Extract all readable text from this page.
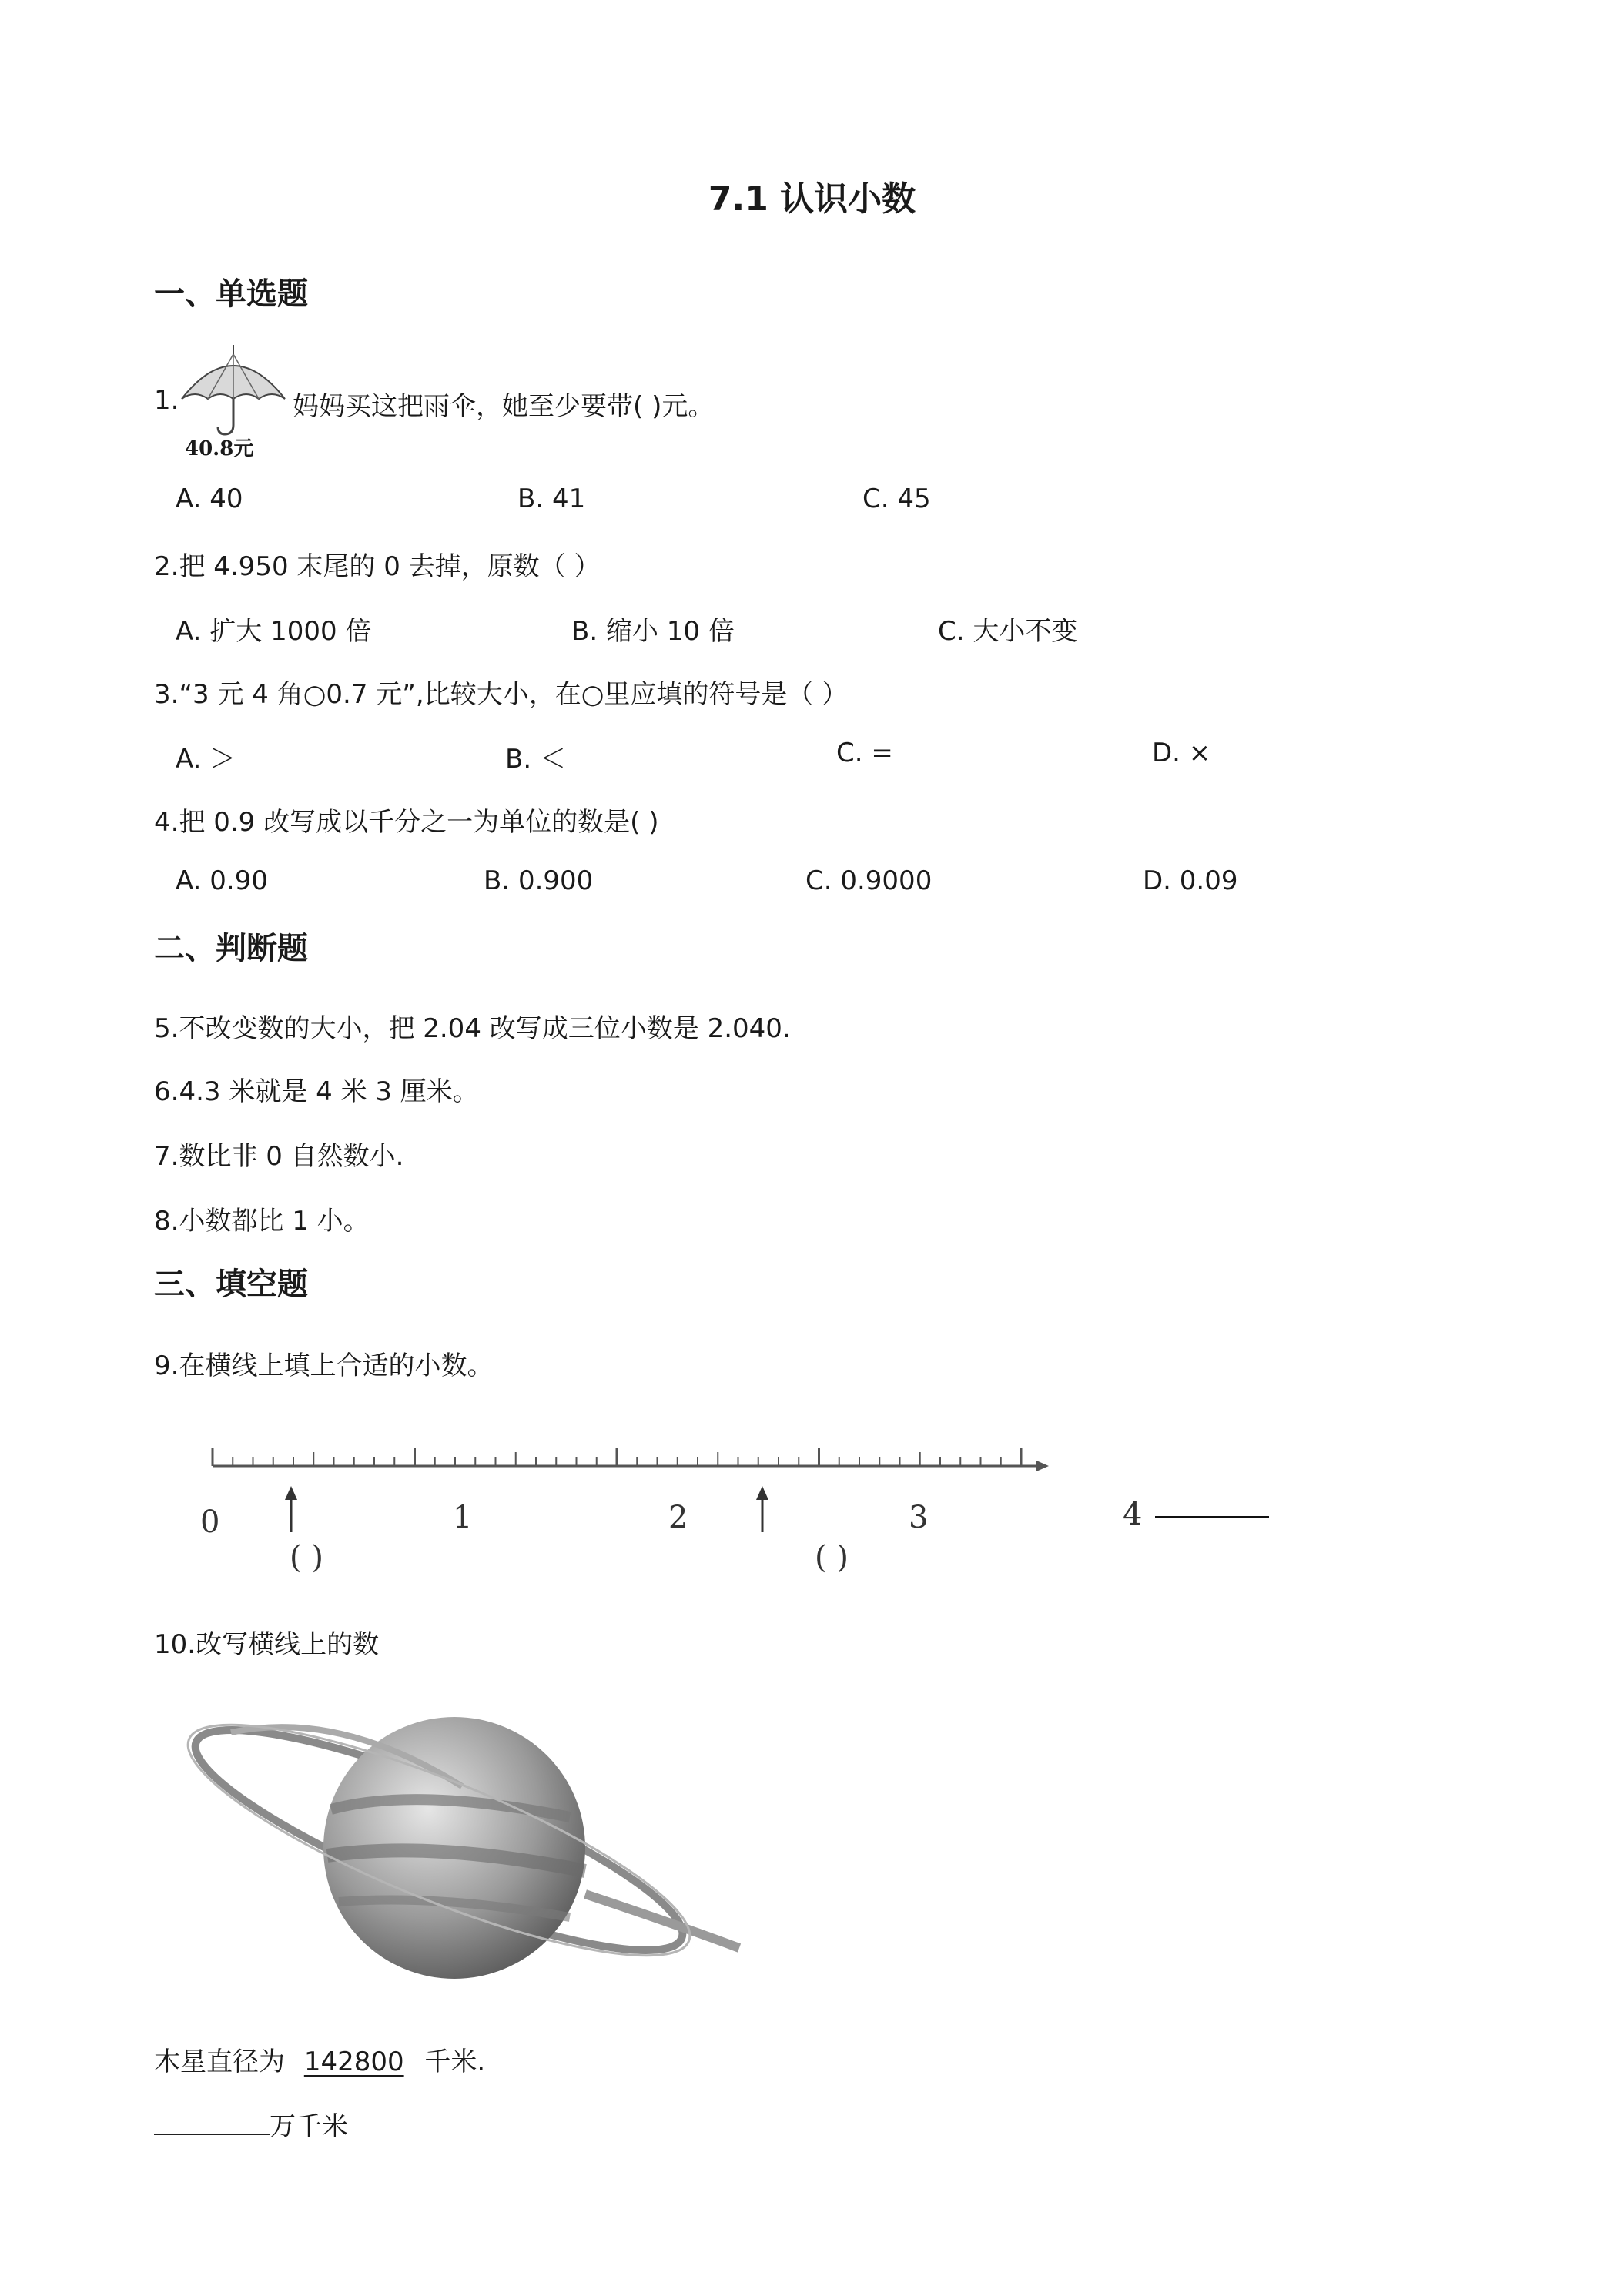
7.1 认识小数
一、单选题
1.
40.8元
妈妈买这把雨伞，她至少要带( )元。
A. 40	B. 41	C. 45
2.把 4.950 末尾的 0 去掉，原数（ ）
A. 扩大 1000 倍	B. 缩小 10 倍	C. 大小不变
3.“3 元 4 角○0.7 元”,比较大小，在○里应填的符号是（ ）
A. ＞	B. ＜	C. =	D. ×
4.把 0.9 改写成以千分之一为单位的数是( )
A. 0.90	B. 0.900	C. 0.9000	D. 0.09
二、判断题
5.不改变数的大小，把 2.04 改写成三位小数是 2.040.
6.4.3 米就是 4 米 3 厘米。
7.数比非 0 自然数小.
8.小数都比 1 小。
三、填空题
9.在横线上填上合适的小数。
0	1	2	3	4
( )	( )
10.改写横线上的数
木星直径为 142800 千米.
万千米
